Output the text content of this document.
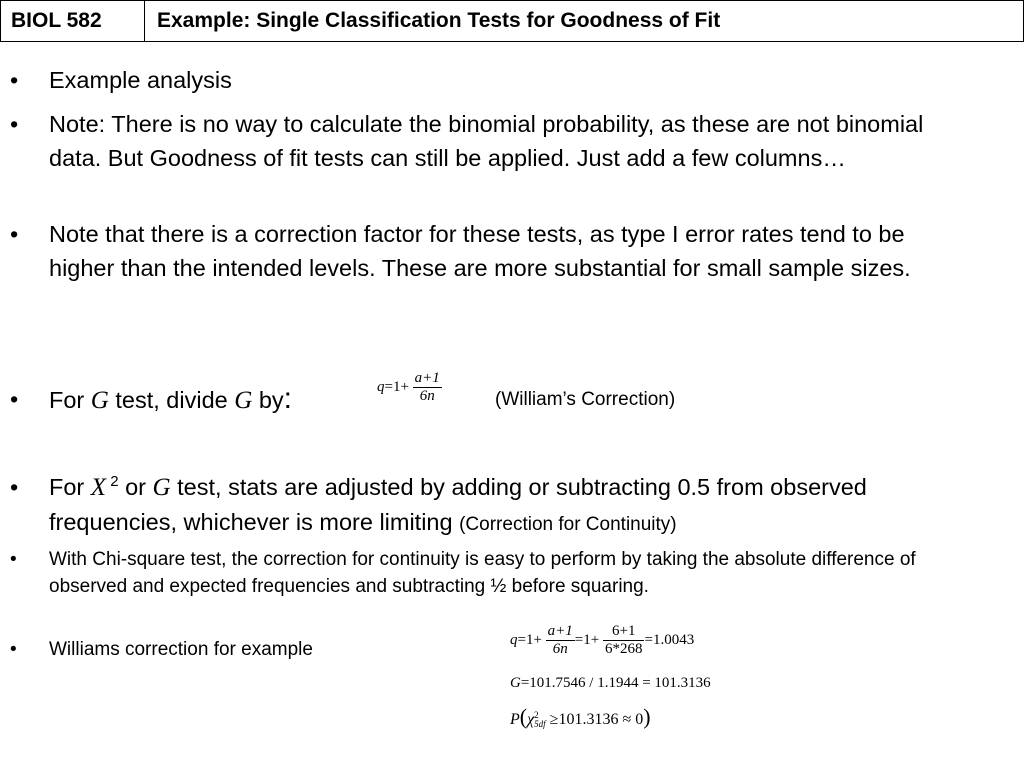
BIOL 582	Example: Single Classification Tests for Goodness of Fit
• Example analysis
• Note: There is no way to calculate the binomial probability, as these are not binomial data. But Goodness of fit tests can still be applied. Just add a few columns…
• Note that there is a correction factor for these tests, as type I error rates tend to be higher than the intended levels. These are more substantial for small sample sizes.
• For G test, divide G by:	$q=1+ \frac{a+1}{6n}$	(William’s Correction)
• For X $^2$ or G test, stats are adjusted by adding or subtracting 0.5 from observed frequencies, whichever is more limiting (Correction for Continuity)
• With Chi-square test, the correction for continuity is easy to perform by taking the absolute difference of observed and expected frequencies and subtracting ½ before squaring.
• Williams correction for example	$q=1+ \frac{a+1}{6n} =1+ \frac{6+1}{6*268} =1.0043$
G=101.7546 / 1.1944 = 101.3136
P(χ 2
5df ≥101.3136 ≈ 0)
